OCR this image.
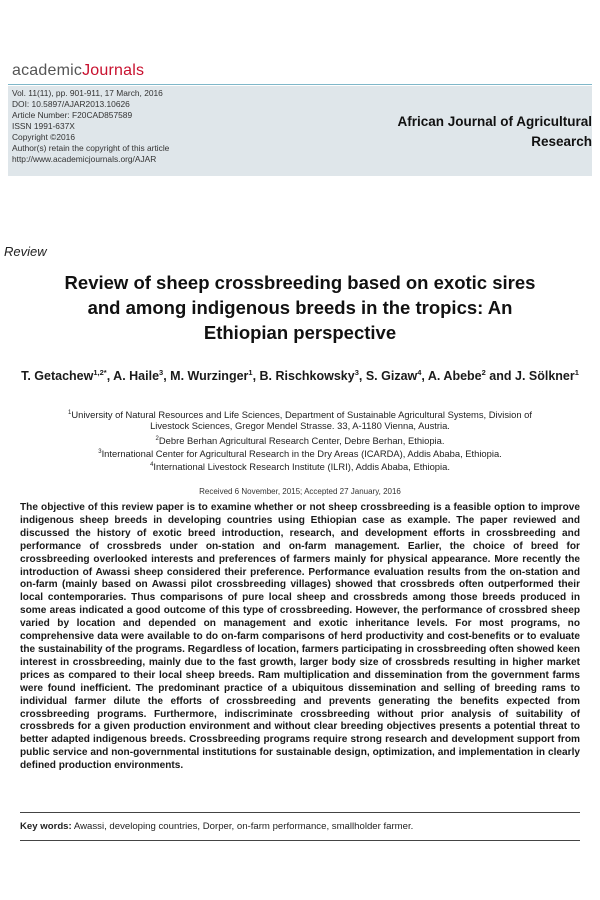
academicJournals
Vol. 11(11), pp. 901-911, 17 March, 2016
DOI: 10.5897/AJAR2013.10626
Article Number: F20CAD857589
ISSN 1991-637X
Copyright ©2016
Author(s) retain the copyright of this article
http://www.academicjournals.org/AJAR
African Journal of Agricultural
Research
Review
Review of sheep crossbreeding based on exotic sires
and among indigenous breeds in the tropics: An
Ethiopian perspective
T. Getachew$^{1,2*}$, A. Haile$^3$, M. Wurzinger$^1$, B. Rischkowsky$^3$, S. Gizaw$^4$, A. Abebe$^2$ and J. Sölkner$^1$
$^1$University of Natural Resources and Life Sciences, Department of Sustainable Agricultural Systems, Division of
Livestock Sciences, Gregor Mendel Strasse. 33, A-1180 Vienna, Austria.
$^2$Debre Berhan Agricultural Research Center, Debre Berhan, Ethiopia.
$^3$International Center for Agricultural Research in the Dry Areas (ICARDA), Addis Ababa, Ethiopia.
$^4$International Livestock Research Institute (ILRI), Addis Ababa, Ethiopia.
Received 6 November, 2015; Accepted 27 January, 2016
The objective of this review paper is to examine whether or not sheep crossbreeding is a feasible option to improve indigenous sheep breeds in developing countries using Ethiopian case as example. The paper reviewed and discussed the history of exotic breed introduction, research, and development efforts in crossbreeding and performance of crossbreds under on-station and on-farm management. Earlier, the choice of breed for crossbreeding overlooked interests and preferences of farmers mainly for physical appearance. More recently the introduction of Awassi sheep considered their preference. Performance evaluation results from the on-station and on-farm (mainly based on Awassi pilot crossbreeding villages) showed that crossbreds often outperformed their local contemporaries. Thus comparisons of pure local sheep and crossbreds among those breeds produced in some areas indicated a good outcome of this type of crossbreeding. However, the performance of crossbred sheep varied by location and depended on management and exotic inheritance levels. For most programs, no comprehensive data were available to do on-farm comparisons of herd productivity and cost-benefits or to evaluate the sustainability of the programs. Regardless of location, farmers participating in crossbreeding often showed keen interest in crossbreeding, mainly due to the fast growth, larger body size of crossbreds resulting in higher market prices as compared to their local sheep breeds. Ram multiplication and dissemination from the government farms were found inefficient. The predominant practice of a ubiquitous dissemination and selling of breeding rams to individual farmer dilute the efforts of crossbreeding and prevents generating the benefits expected from crossbreeding programs. Furthermore, indiscriminate crossbreeding without prior analysis of suitability of crossbreds for a given production environment and without clear breeding objectives presents a potential threat to better adapted indigenous breeds. Crossbreeding programs require strong research and development support from public service and non-governmental institutions for sustainable design, optimization, and implementation in clearly defined production environments.
Key words: Awassi, developing countries, Dorper, on-farm performance, smallholder farmer.
